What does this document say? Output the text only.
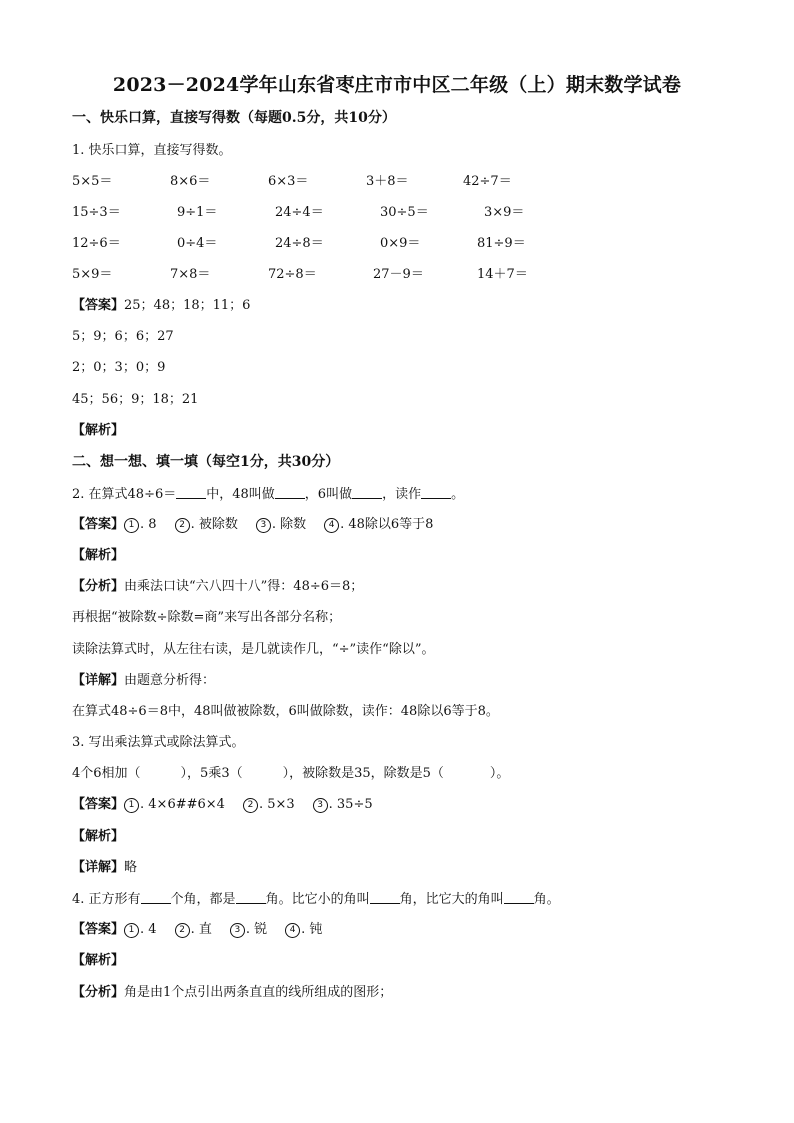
2023－2024学年山东省枣庄市市中区二年级（上）期末数学试卷
一、快乐口算，直接写得数（每题0.5分，共10分）
1. 快乐口算，直接写得数。
5×5＝	8×6＝	6×3＝	3＋8＝	42÷7＝
15÷3＝	9÷1＝	24÷4＝	30÷5＝	3×9＝
12÷6＝	0÷4＝	24÷8＝	0×9＝	81÷9＝
5×9＝	7×8＝	72÷8＝	27－9＝	14＋7＝
【答案】25；48；18；11；6
5；9；6；6；27
2；0；3；0；9
45；56；9；18；21
【解析】
二、想一想、填一填（每空1分，共30分）
2. 在算式48÷6＝ 中，48叫做 ，6叫做 ，读作 。
【答案】 1 . 8	2 . 被除数	3 . 除数	4 . 48除以6等于8
【解析】
【分析】由乘法口诀“六八四十八”得：48÷6＝8；
再根据“被除数÷除数=商”来写出各部分名称；
读除法算式时，从左往右读，是几就读作几，“÷”读作“除以”。
【详解】由题意分析得：
在算式48÷6＝8中，48叫做被除数，6叫做除数，读作：48除以6等于8。
3. 写出乘法算式或除法算式。
4个6相加（	），5乘3（	），被除数是35，除数是5（	）。
【答案】 1 . 4×6##6×4	2 . 5×3	3 . 35÷5
【解析】
【详解】略
4. 正方形有 个角，都是 角。比它小的角叫 角，比它大的角叫 角。
【答案】 1 . 4	2 . 直	3 . 锐	4 . 钝
【解析】
【分析】角是由1个点引出两条直直的线所组成的图形；
